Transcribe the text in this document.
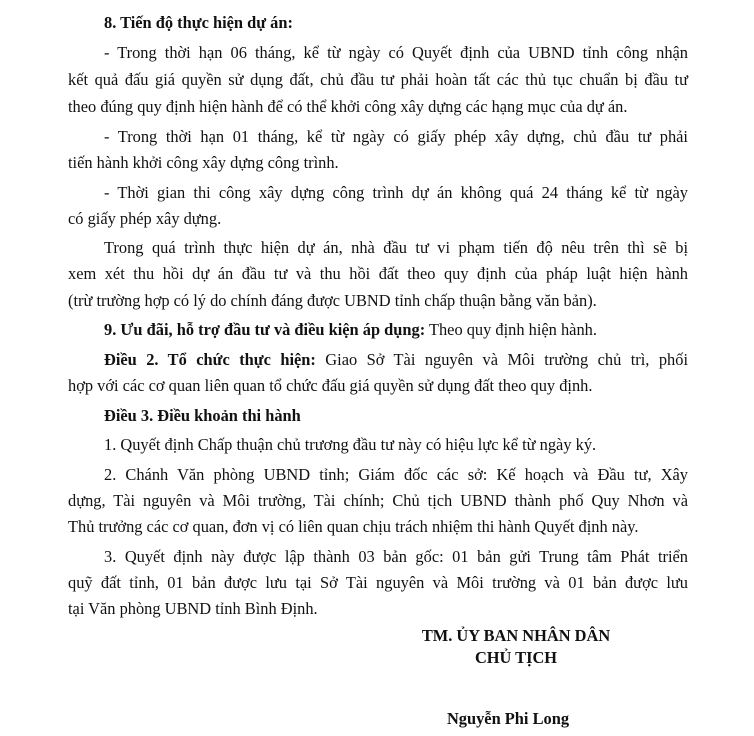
8. Tiến độ thực hiện dự án:
- Trong thời hạn 06 tháng, kể từ ngày có Quyết định của UBND tỉnh công nhận
kết quả đấu giá quyền sử dụng đất, chủ đầu tư phải hoàn tất các thủ tục chuẩn bị đầu tư
theo đúng quy định hiện hành để có thể khởi công xây dựng các hạng mục của dự án.
- Trong thời hạn 01 tháng, kể từ ngày có giấy phép xây dựng, chủ đầu tư phải
tiến hành khởi công xây dựng công trình.
- Thời gian thi công xây dựng công trình dự án không quá 24 tháng kể từ ngày
có giấy phép xây dựng.
Trong quá trình thực hiện dự án, nhà đầu tư vi phạm tiến độ nêu trên thì sẽ bị
xem xét thu hồi dự án đầu tư và thu hồi đất theo quy định của pháp luật hiện hành
(trừ trường hợp có lý do chính đáng được UBND tỉnh chấp thuận bằng văn bản).
9. Ưu đãi, hỗ trợ đầu tư và điều kiện áp dụng: Theo quy định hiện hành.
Điều 2. Tổ chức thực hiện: Giao Sở Tài nguyên và Môi trường chủ trì, phối
hợp với các cơ quan liên quan tổ chức đấu giá quyền sử dụng đất theo quy định.
Điều 3. Điều khoản thi hành
1. Quyết định Chấp thuận chủ trương đầu tư này có hiệu lực kể từ ngày ký.
2. Chánh Văn phòng UBND tỉnh; Giám đốc các sở: Kế hoạch và Đầu tư, Xây
dựng, Tài nguyên và Môi trường, Tài chính; Chủ tịch UBND thành phố Quy Nhơn và
Thủ trưởng các cơ quan, đơn vị có liên quan chịu trách nhiệm thi hành Quyết định này.
3. Quyết định này được lập thành 03 bản gốc: 01 bản gửi Trung tâm Phát triển
quỹ đất tỉnh, 01 bản được lưu tại Sở Tài nguyên và Môi trường và 01 bản được lưu
tại Văn phòng UBND tỉnh Bình Định.
TM. ỦY BAN NHÂN DÂN
CHỦ TỊCH
Nguyễn Phi Long
